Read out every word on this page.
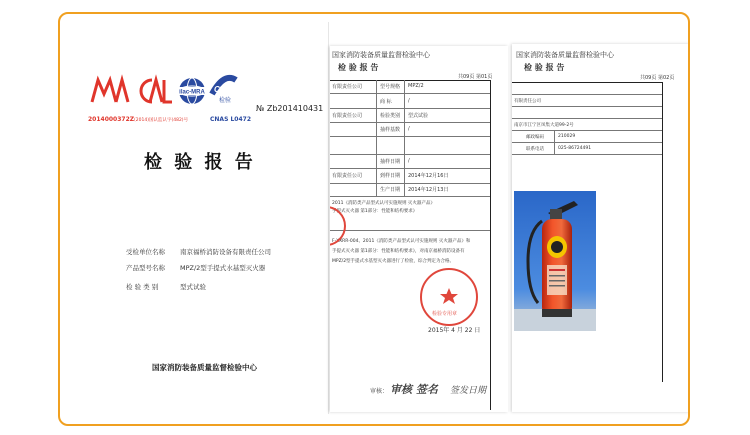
ilac-MRA CNAS
检验
2014000372Z (2014)国认监认字(482)号	CNAS L0472
№ Zb201410431
检 验 报 告
受检单位名称 南京福桥消防设备有限责任公司
产品型号名称 MPZ/2型手提式水基型灭火器
检 验 类 别	型式试验
国家消防装备质量监督检验中心
国家消防装备质量监督检验中心
检 验 报 告
共09页 第01页
有限责任公司	型号规格 MPZ/2
商 标	/
有限责任公司	检验类别 型式试验
抽样基数 /
抽样日期 /
有限责任公司	到样日期 2014年12月16日
生产日期 2014年12月13日
2011《消防类产品型式认可实施规则 灭火器产品》
手提式灭火器 第1部分：性能和结构要求》
F-XXRR-004、2011《消防类产品型式认可实施规则 灭火器产品》和
手提式灭火器 第1部分：性能和结构要求》，对南京福桥消防设备有
MPZ/2型手提式水基型灭火器进行了检验，综合判定为合格。
检验专用章
2015年 4 月 22 日
审核： 审核 签名 签发日期
国家消防装备质量监督检验中心
检 验 报 告
共09页 第02页
有限责任公司
南京市江宁区凤集大道99-2号
邮政编码	210029
联系电话	025-86724491
